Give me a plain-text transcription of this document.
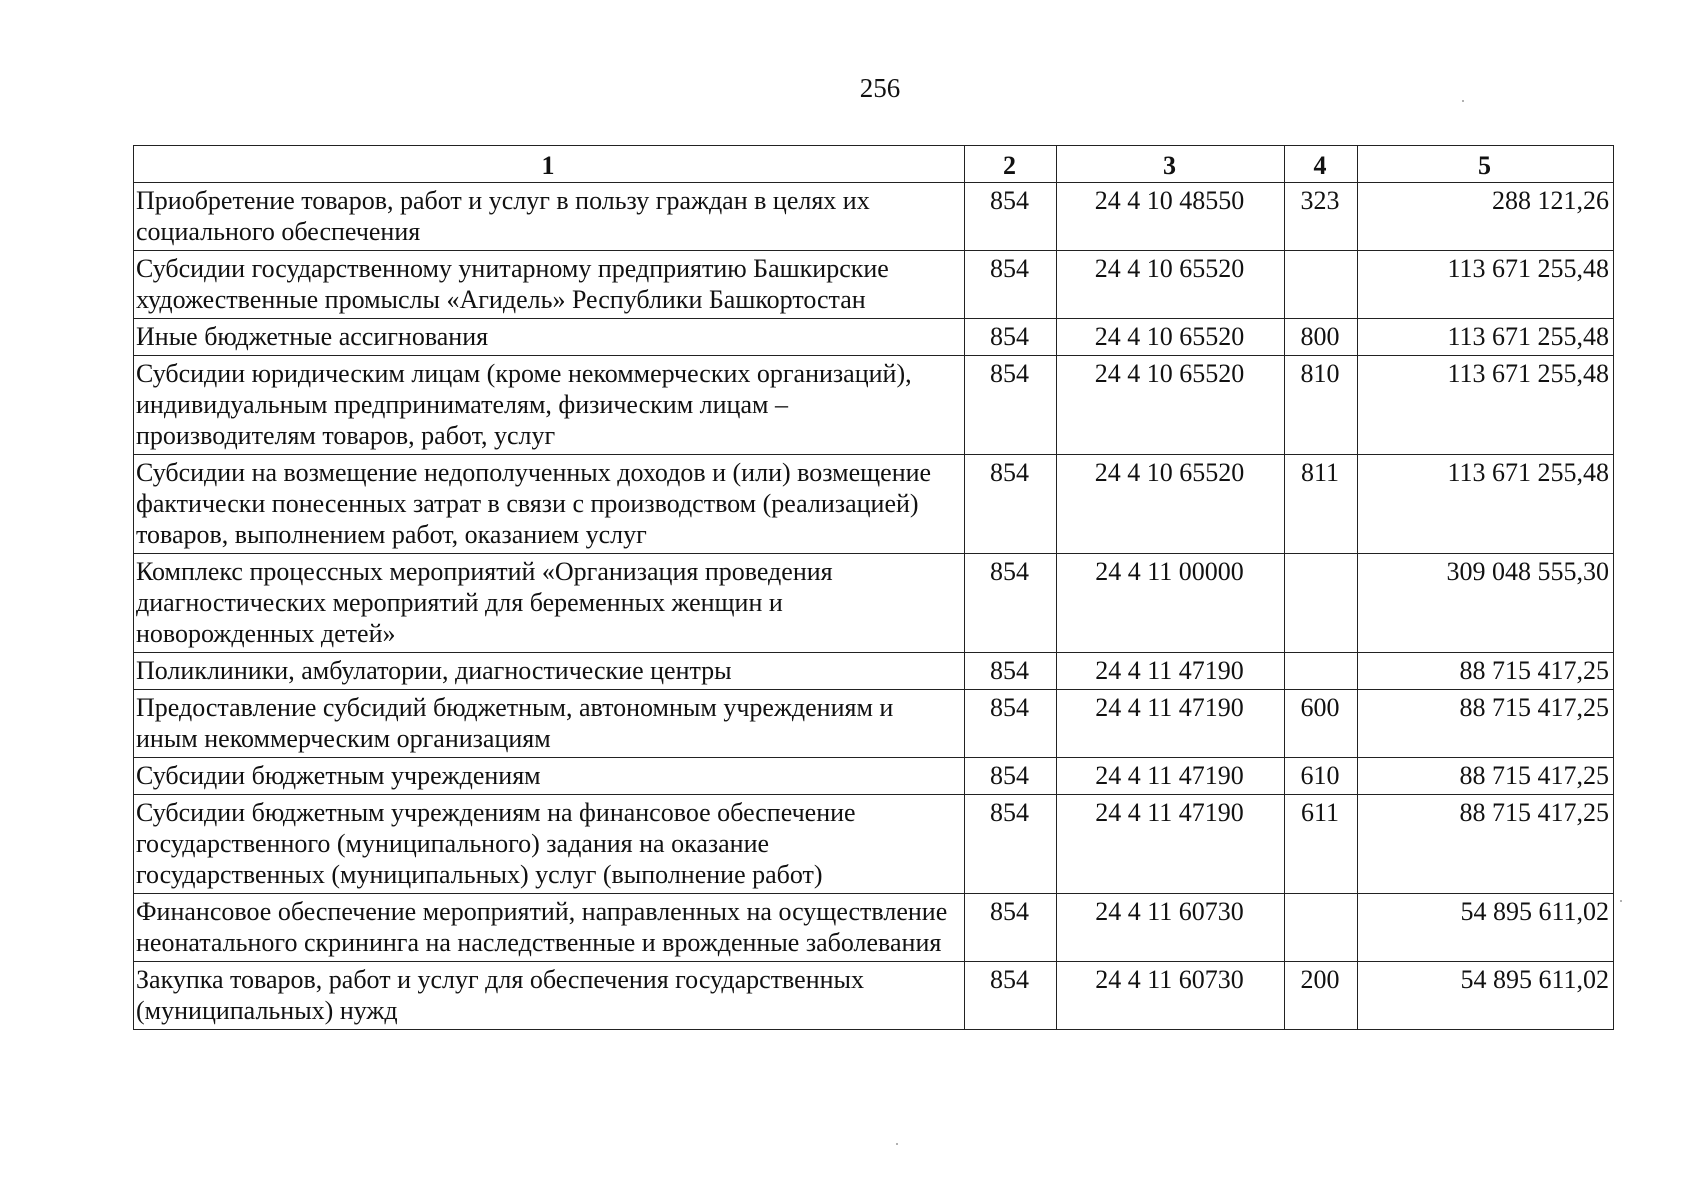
256
1	2	3	4	5
Приобретение товаров, работ и услуг в пользу граждан в целях их социального обеспечения	854	24 4 10 48550	323	288 121,26
Субсидии государственному унитарному предприятию Башкирские художественные промыслы «Агидель» Республики Башкортостан	854	24 4 10 65520		113 671 255,48
Иные бюджетные ассигнования	854	24 4 10 65520	800	113 671 255,48
Субсидии юридическим лицам (кроме некоммерческих организаций), индивидуальным предпринимателям, физическим лицам – производителям товаров, работ, услуг	854	24 4 10 65520	810	113 671 255,48
Субсидии на возмещение недополученных доходов и (или) возмещение фактически понесенных затрат в связи с производством (реализацией) товаров, выполнением работ, оказанием услуг	854	24 4 10 65520	811	113 671 255,48
Комплекс процессных мероприятий «Организация проведения диагностических мероприятий для беременных женщин и новорожденных детей»	854	24 4 11 00000		309 048 555,30
Поликлиники, амбулатории, диагностические центры	854	24 4 11 47190		88 715 417,25
Предоставление субсидий бюджетным, автономным учреждениям и иным некоммерческим организациям	854	24 4 11 47190	600	88 715 417,25
Субсидии бюджетным учреждениям	854	24 4 11 47190	610	88 715 417,25
Субсидии бюджетным учреждениям на финансовое обеспечение государственного (муниципального) задания на оказание государственных (муниципальных) услуг (выполнение работ)	854	24 4 11 47190	611	88 715 417,25
Финансовое обеспечение мероприятий, направленных на осуществление неонатального скрининга на наследственные и врожденные заболевания	854	24 4 11 60730		54 895 611,02
Закупка товаров, работ и услуг для обеспечения государственных (муниципальных) нужд	854	24 4 11 60730	200	54 895 611,02
